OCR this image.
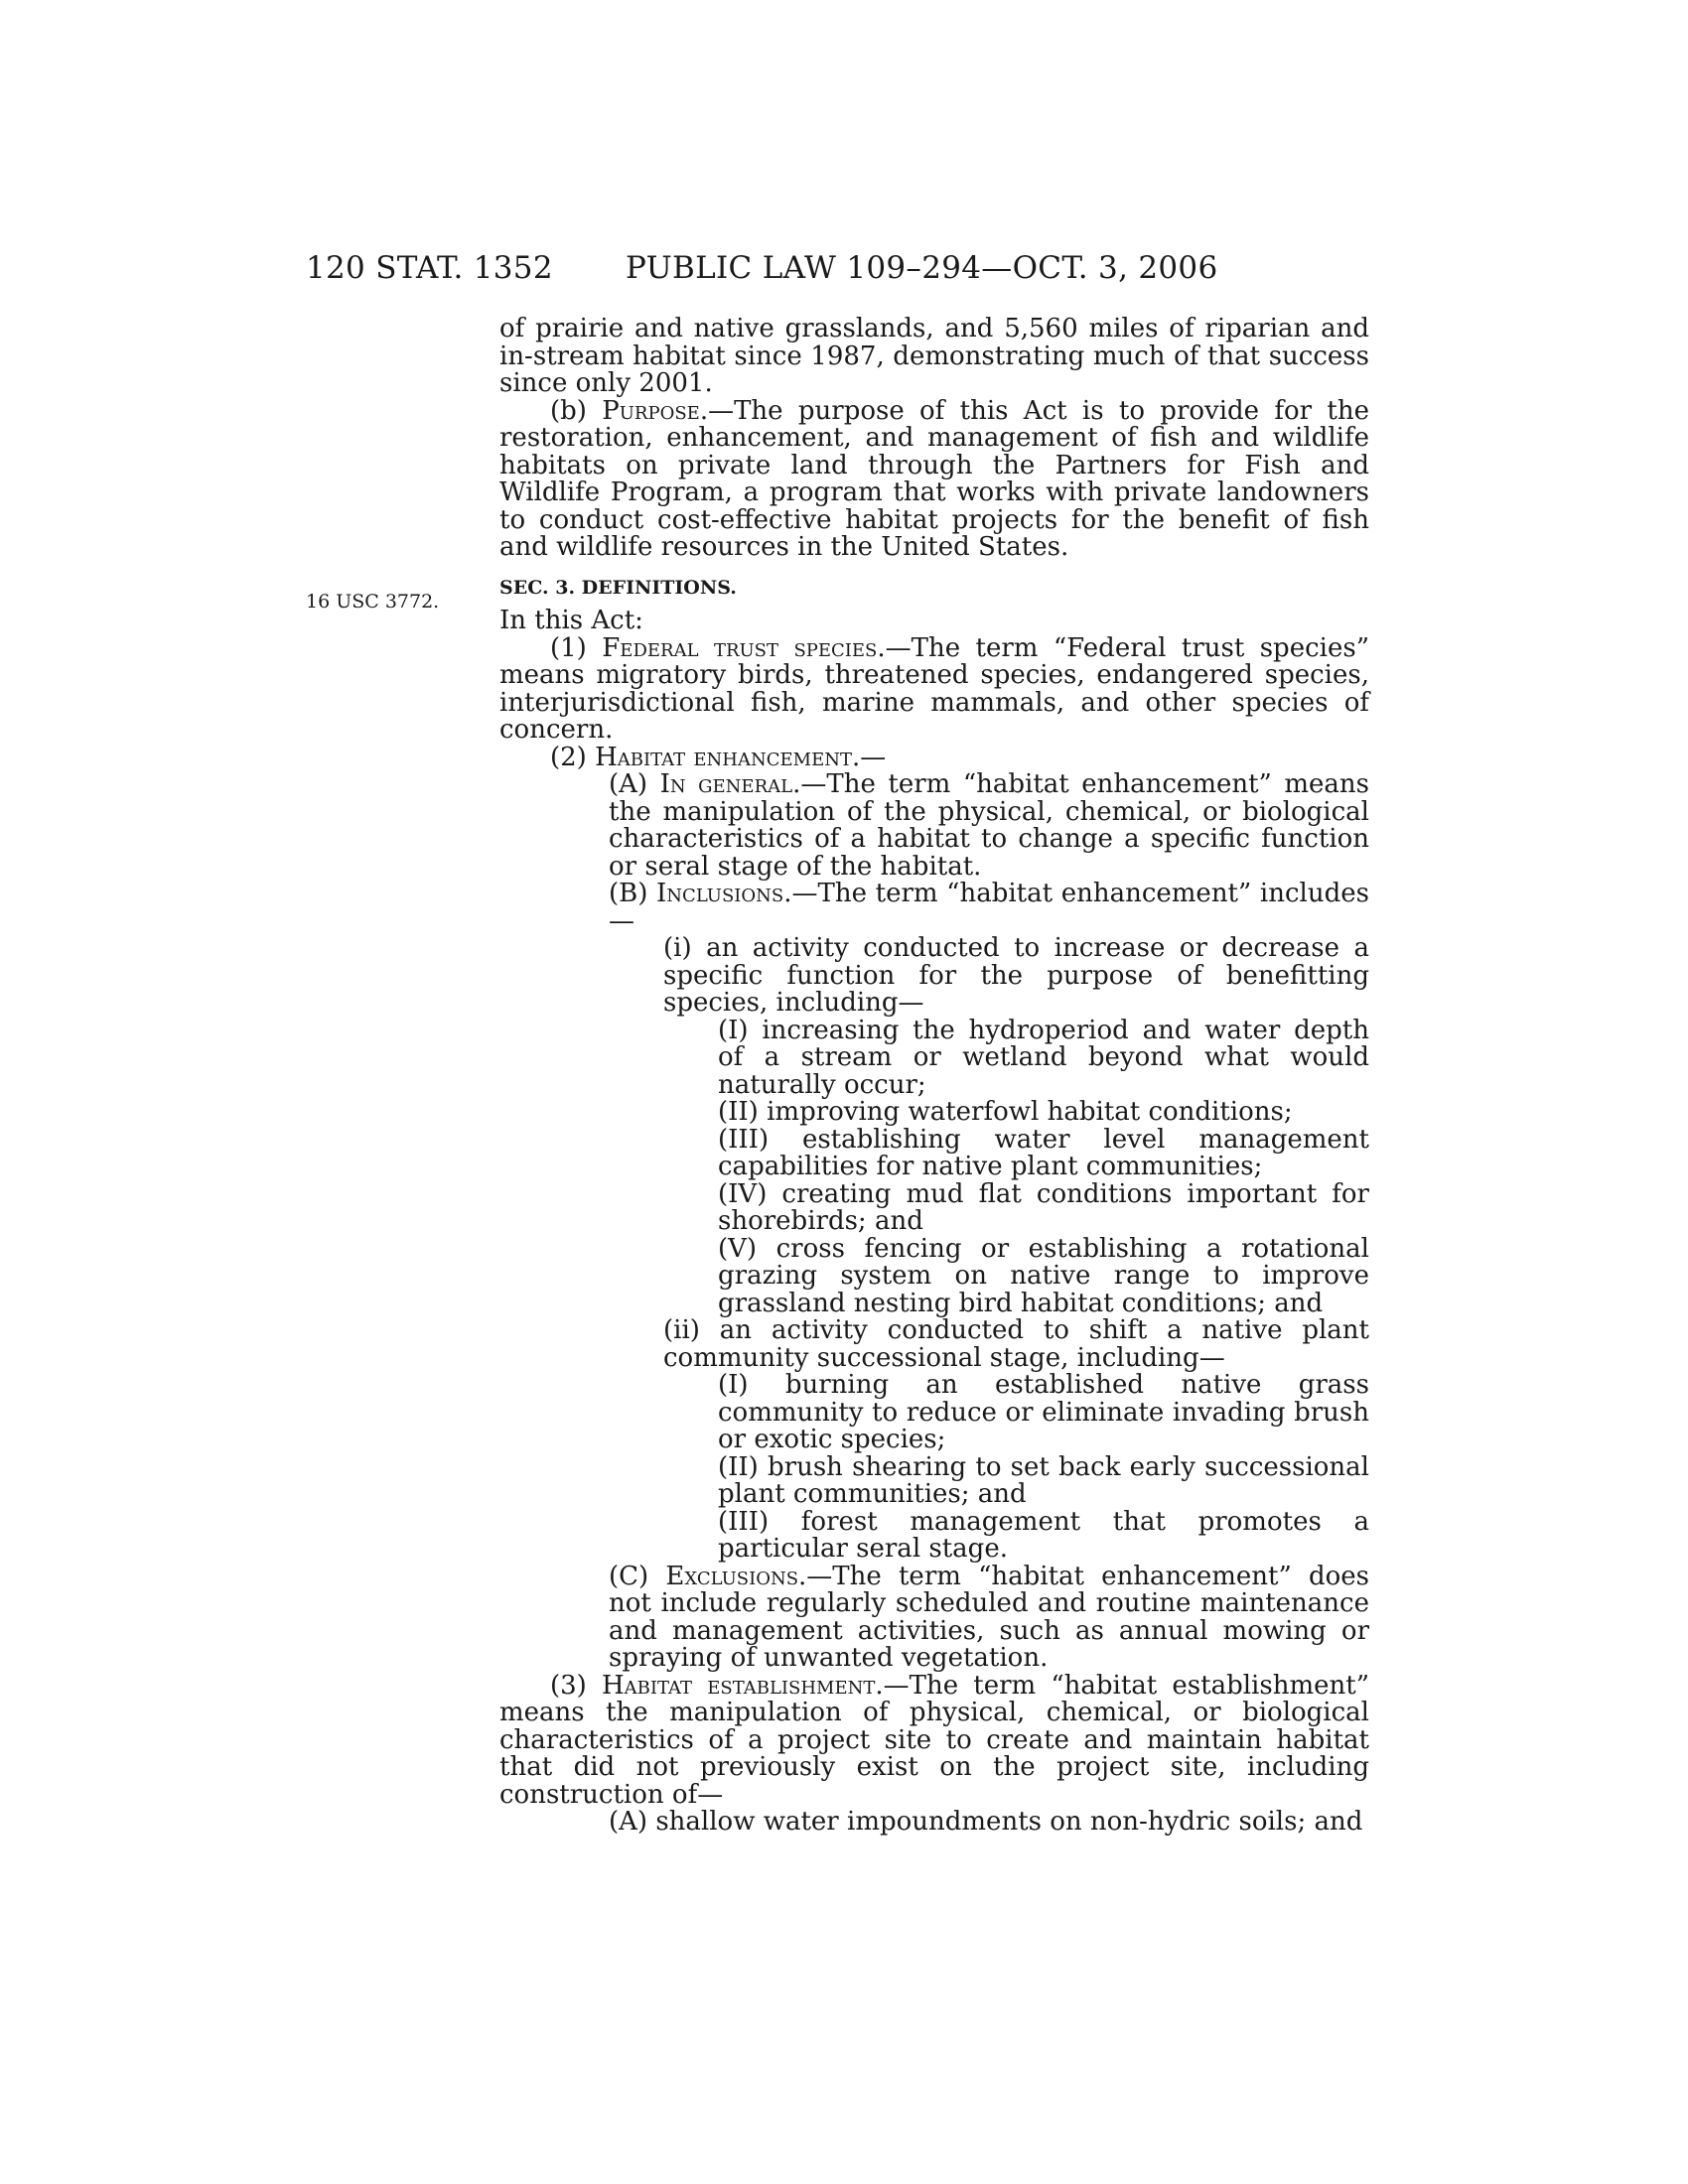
120 STAT. 1352 PUBLIC LAW 109–294—OCT. 3, 2006
16 USC 3772.

of prairie and native grasslands, and 5,560 miles of riparian and in-stream habitat since 1987, demonstrating much of that success since only 2001.

(b) Purpose.—The purpose of this Act is to provide for the restoration, enhancement, and management of fish and wildlife habitats on private land through the Partners for Fish and Wildlife Program, a program that works with private landowners to conduct cost-effective habitat projects for the benefit of fish and wildlife resources in the United States.

SEC. 3. DEFINITIONS.

In this Act:

(1) Federal trust species.—The term “Federal trust species” means migratory birds, threatened species, endangered species, interjurisdictional fish, marine mammals, and other species of concern.

(2) Habitat enhancement.—

(A) In general.—The term “habitat enhancement” means the manipulation of the physical, chemical, or biological characteristics of a habitat to change a specific function or seral stage of the habitat.

(B) Inclusions.—The term “habitat enhancement” includes—

(i) an activity conducted to increase or decrease a specific function for the purpose of benefitting species, including—

(I) increasing the hydroperiod and water depth of a stream or wetland beyond what would naturally occur;

(II) improving waterfowl habitat conditions;

(III) establishing water level management capabilities for native plant communities;

(IV) creating mud flat conditions important for shorebirds; and

(V) cross fencing or establishing a rotational grazing system on native range to improve grassland nesting bird habitat conditions; and

(ii) an activity conducted to shift a native plant community successional stage, including—

(I) burning an established native grass community to reduce or eliminate invading brush or exotic species;

(II) brush shearing to set back early successional plant communities; and

(III) forest management that promotes a particular seral stage.

(C) Exclusions.—The term “habitat enhancement” does not include regularly scheduled and routine maintenance and management activities, such as annual mowing or spraying of unwanted vegetation.

(3) Habitat establishment.—The term “habitat establishment” means the manipulation of physical, chemical, or biological characteristics of a project site to create and maintain habitat that did not previously exist on the project site, including construction of—

(A) shallow water impoundments on non-hydric soils; and
